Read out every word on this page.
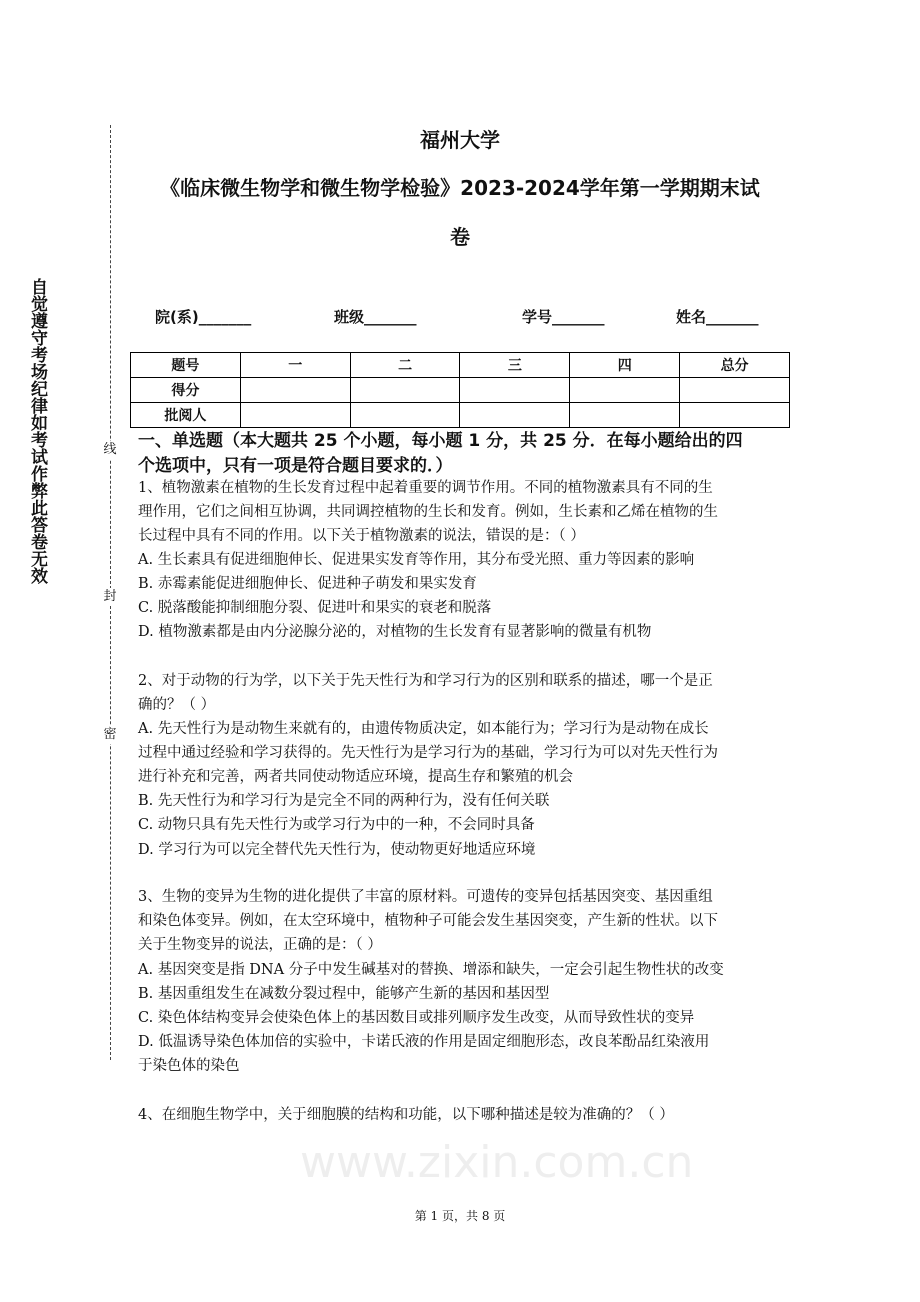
www.zixin.com.cn
自觉遵守考场纪律如考试作弊此答卷无效	线
封
密
福州大学
《临床微生物学和微生物学检验》2023-2024学年第一学期期末试
卷
院(系)_______	班级_______	学号_______	姓名_______
题号	一	二	三	四	总分
得分					
批阅人					
第 1 页，共 8 页
一、单选题（本大题共 25 个小题，每小题 1 分，共 25 分．在每小题给出的四
个选项中，只有一项是符合题目要求的．）
1、植物激素在植物的生长发育过程中起着重要的调节作用。不同的植物激素具有不同的生
理作用，它们之间相互协调，共同调控植物的生长和发育。例如，生长素和乙烯在植物的生
长过程中具有不同的作用。以下关于植物激素的说法，错误的是：（ ）
A. 生长素具有促进细胞伸长、促进果实发育等作用，其分布受光照、重力等因素的影响
B. 赤霉素能促进细胞伸长、促进种子萌发和果实发育
C. 脱落酸能抑制细胞分裂、促进叶和果实的衰老和脱落
D. 植物激素都是由内分泌腺分泌的，对植物的生长发育有显著影响的微量有机物
2、对于动物的行为学，以下关于先天性行为和学习行为的区别和联系的描述，哪一个是正
确的？（ ）
A. 先天性行为是动物生来就有的，由遗传物质决定，如本能行为；学习行为是动物在成长
过程中通过经验和学习获得的。先天性行为是学习行为的基础，学习行为可以对先天性行为
进行补充和完善，两者共同使动物适应环境，提高生存和繁殖的机会
B. 先天性行为和学习行为是完全不同的两种行为，没有任何关联
C. 动物只具有先天性行为或学习行为中的一种，不会同时具备
D. 学习行为可以完全替代先天性行为，使动物更好地适应环境
3、生物的变异为生物的进化提供了丰富的原材料。可遗传的变异包括基因突变、基因重组
和染色体变异。例如，在太空环境中，植物种子可能会发生基因突变，产生新的性状。以下
关于生物变异的说法，正确的是：（ ）
A. 基因突变是指 DNA 分子中发生碱基对的替换、增添和缺失，一定会引起生物性状的改变
B. 基因重组发生在减数分裂过程中，能够产生新的基因和基因型
C. 染色体结构变异会使染色体上的基因数目或排列顺序发生改变，从而导致性状的变异
D. 低温诱导染色体加倍的实验中，卡诺氏液的作用是固定细胞形态，改良苯酚品红染液用
于染色体的染色
4、在细胞生物学中，关于细胞膜的结构和功能，以下哪种描述是较为准确的？（ ）
